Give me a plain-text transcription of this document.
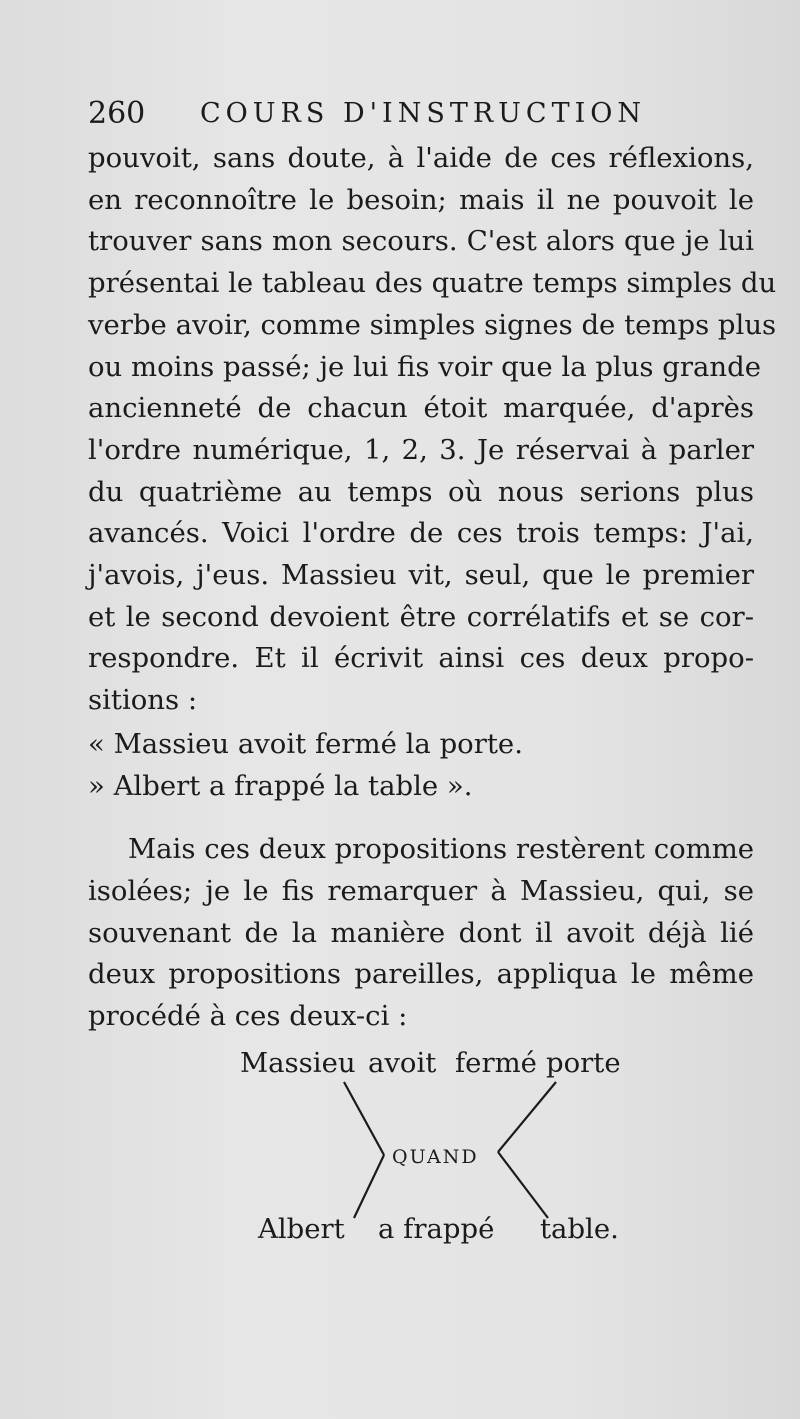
260 COURS D'INSTRUCTION

pouvoit, sans doute, à l'aide de ces réflexions,
en reconnoître le besoin; mais il ne pouvoit le
trouver sans mon secours. C'est alors que je lui
présentai le tableau des quatre temps simples du
verbe avoir, comme simples signes de temps plus
ou moins passé; je lui fis voir que la plus grande
ancienneté de chacun étoit marquée, d'après
l'ordre numérique, 1, 2, 3. Je réservai à parler
du quatrième au temps où nous serions plus
avancés. Voici l'ordre de ces trois temps: J'ai,
j'avois, j'eus. Massieu vit, seul, que le premier
et le second devoient être corrélatifs et se cor-
respondre. Et il écrivit ainsi ces deux propo-
sitions :

« Massieu avoit fermé la porte.
» Albert a frappé la table ».

Mais ces deux propositions restèrent comme
isolées; je le fis remarquer à Massieu, qui, se
souvenant de la manière dont il avoit déjà lié
deux propositions pareilles, appliqua le même
procédé à ces deux-ci :

Massieu avoit fermé porte
QUAND
Albert a frappé table.
